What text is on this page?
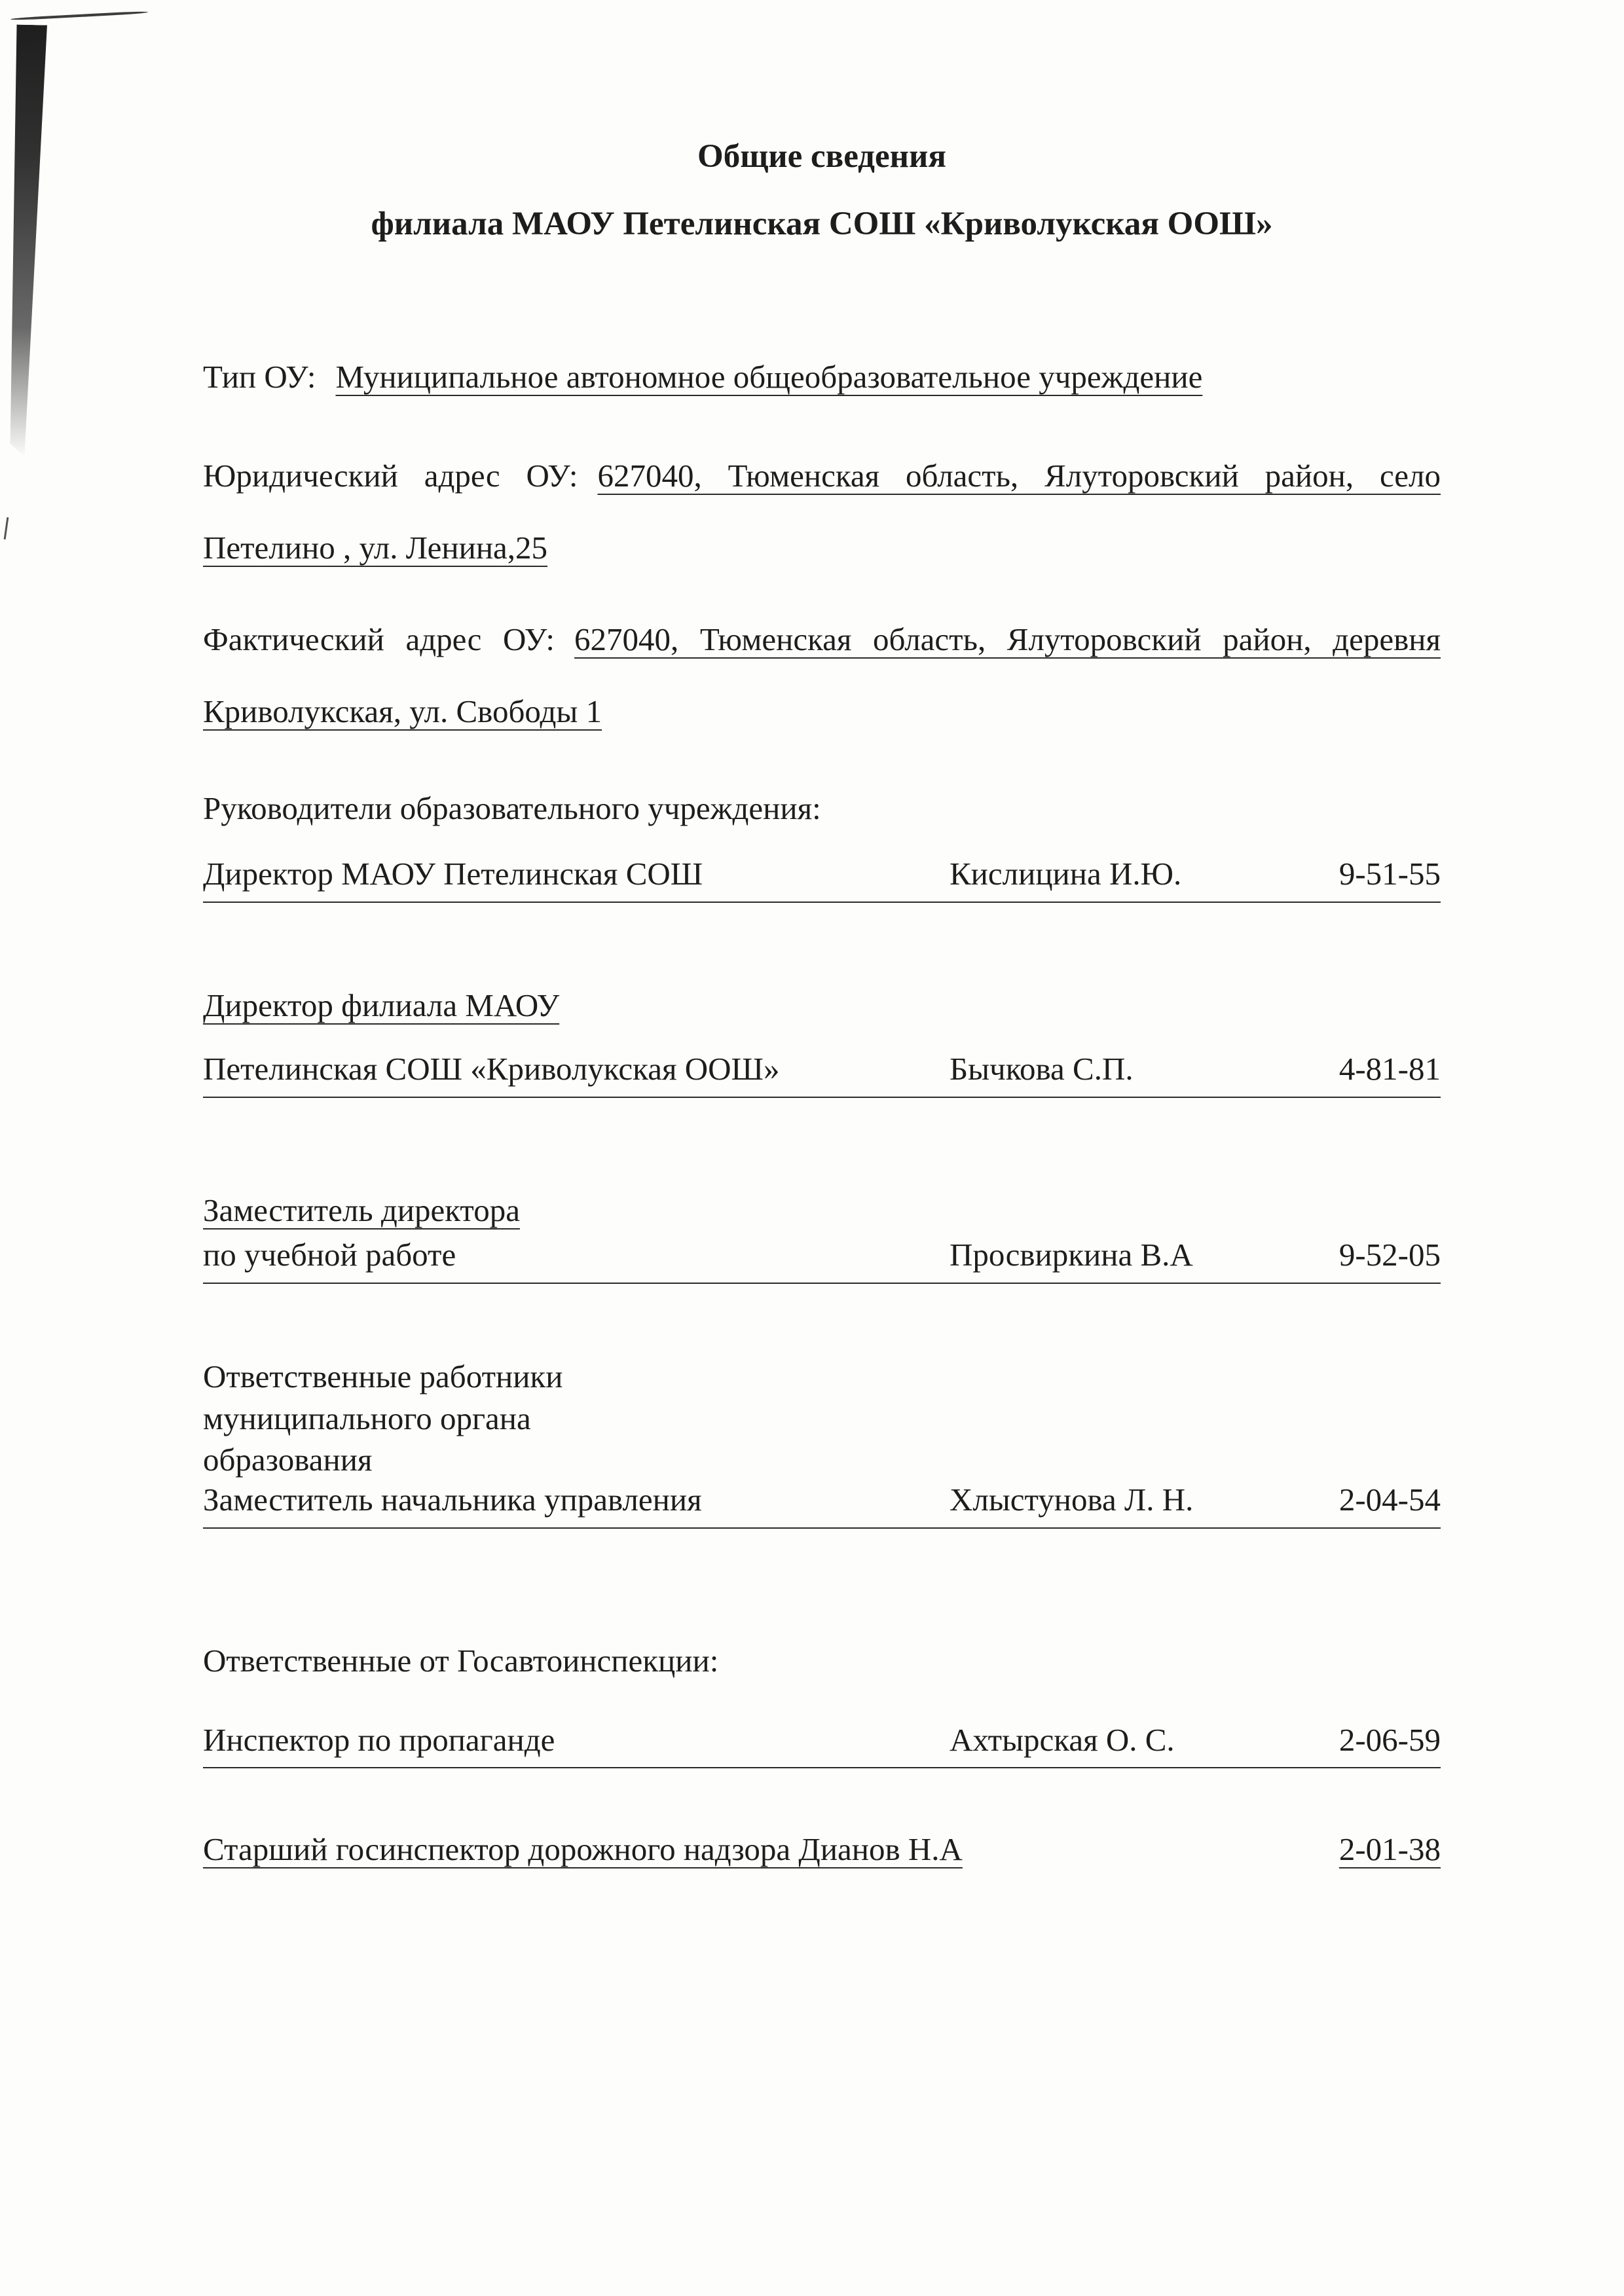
Общие сведения
филиала МАОУ Петелинская СОШ «Криволукская ООШ»

Тип ОУ: Муниципальное автономное общеобразовательное учреждение

Юридический адрес ОУ: 627040, Тюменская область, Ялуторовский район, село Петелино , ул. Ленина,25

Фактический адрес ОУ: 627040, Тюменская область, Ялуторовский район, деревня Криволукская, ул. Свободы 1

Руководители образовательного учреждения:

Директор МАОУ Петелинская СОШ	Кислицина И.Ю.	9-51-55

Директор филиала МАОУ

Петелинская СОШ «Криволукская ООШ»	Бычкова С.П.	4-81-81

Заместитель директора

по учебной работе	Просвиркина В.А	9-52-05

Ответственные работники

муниципального органа

образования

Заместитель начальника управления	Хлыстунова Л. Н.	2-04-54

Ответственные от Госавтоинспекции:

Инспектор по пропаганде	Ахтырская О. С.	2-06-59
Старший госинспектор дорожного надзора Дианов Н.А	2-01-38
